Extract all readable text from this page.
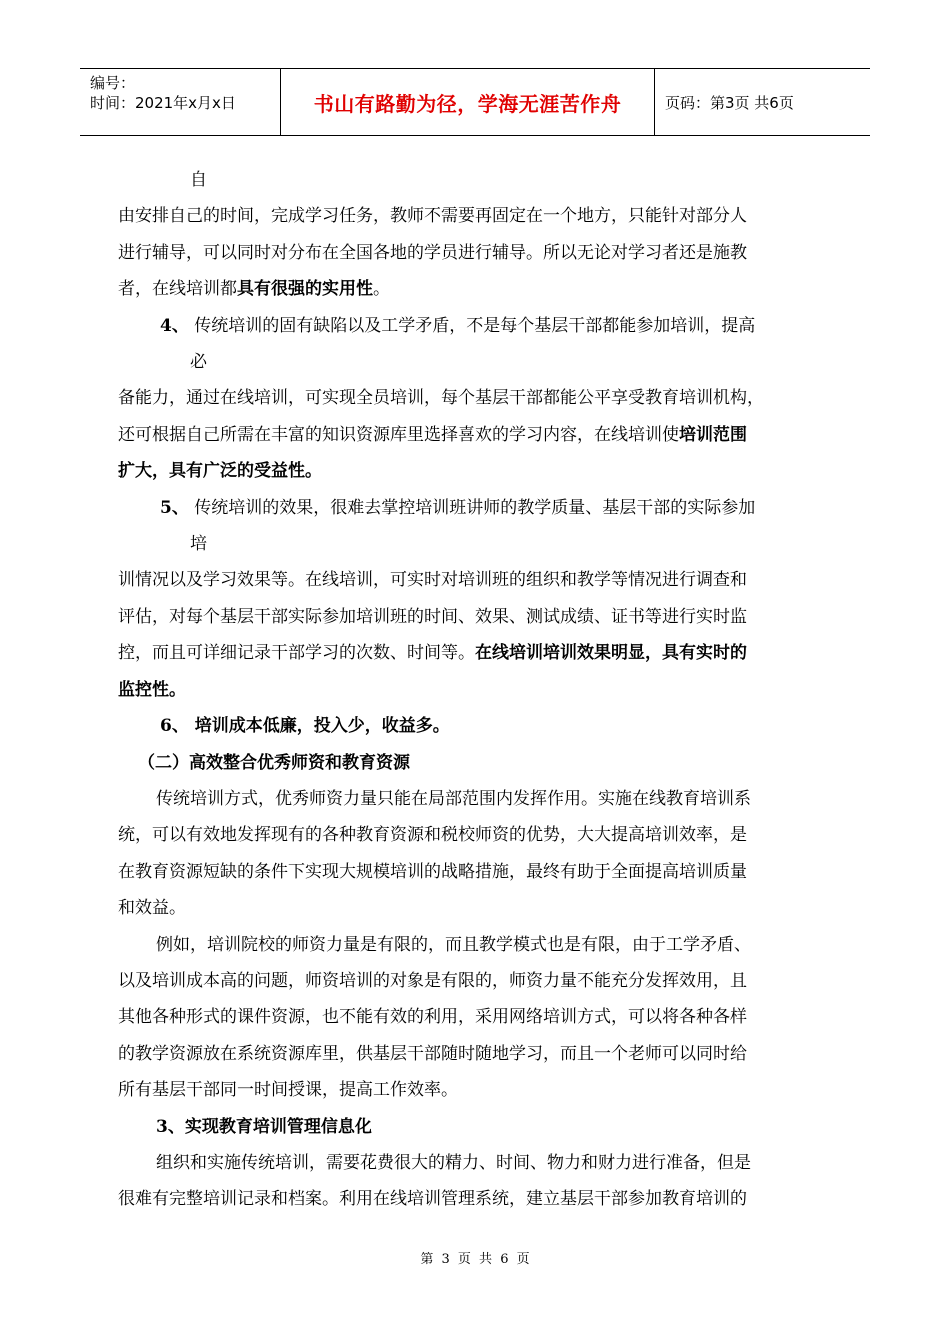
编号：
时间：2021年x月x日	书山有路勤为径，学海无涯苦作舟	页码：第3页 共6页
自
由安排自己的时间，完成学习任务，教师不需要再固定在一个地方，只能针对部分人
进行辅导，可以同时对分布在全国各地的学员进行辅导。所以无论对学习者还是施教
者，在线培训都具有很强的实用性。
4、 传统培训的固有缺陷以及工学矛盾，不是每个基层干部都能参加培训，提高
必
备能力，通过在线培训，可实现全员培训，每个基层干部都能公平享受教育培训机构，
还可根据自己所需在丰富的知识资源库里选择喜欢的学习内容，在线培训使培训范围
扩大，具有广泛的受益性。
5、 传统培训的效果，很难去掌控培训班讲师的教学质量、基层干部的实际参加
培
训情况以及学习效果等。在线培训，可实时对培训班的组织和教学等情况进行调查和
评估，对每个基层干部实际参加培训班的时间、效果、测试成绩、证书等进行实时监
控，而且可详细记录干部学习的次数、时间等。在线培训培训效果明显，具有实时的
监控性。
6、 培训成本低廉，投入少，收益多。
（二）高效整合优秀师资和教育资源
传统培训方式，优秀师资力量只能在局部范围内发挥作用。实施在线教育培训系
统，可以有效地发挥现有的各种教育资源和税校师资的优势，大大提高培训效率，是
在教育资源短缺的条件下实现大规模培训的战略措施，最终有助于全面提高培训质量
和效益。
例如，培训院校的师资力量是有限的，而且教学模式也是有限，由于工学矛盾、
以及培训成本高的问题，师资培训的对象是有限的，师资力量不能充分发挥效用，且
其他各种形式的课件资源，也不能有效的利用，采用网络培训方式，可以将各种各样
的教学资源放在系统资源库里，供基层干部随时随地学习，而且一个老师可以同时给
所有基层干部同一时间授课，提高工作效率。
3、实现教育培训管理信息化
组织和实施传统培训，需要花费很大的精力、时间、物力和财力进行准备，但是
很难有完整培训记录和档案。利用在线培训管理系统，建立基层干部参加教育培训的
第 3 页 共 6 页
